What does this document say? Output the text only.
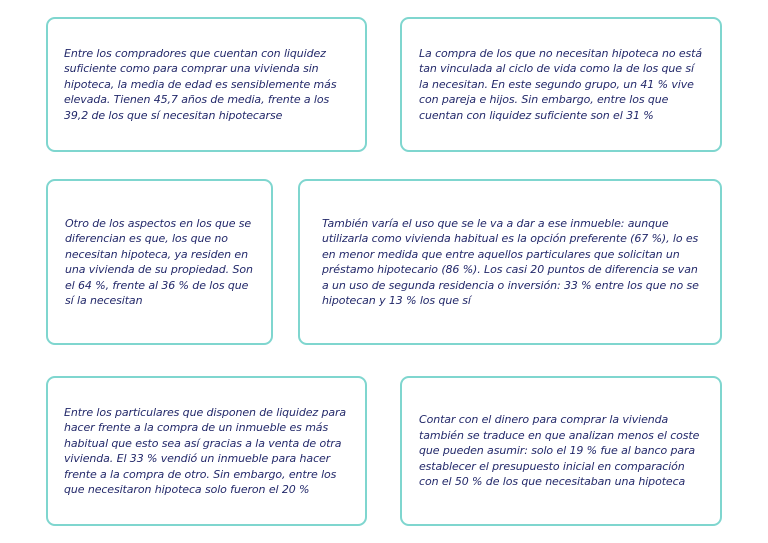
Entre los compradores que cuentan con liquidez suficiente como para comprar una vivienda sin hipoteca, la media de edad es sensiblemente más elevada. Tienen 45,7 años de media, frente a los 39,2 de los que sí necesitan hipotecarse

La compra de los que no necesitan hipoteca no está tan vinculada al ciclo de vida como la de los que sí la necesitan. En este segundo grupo, un 41 % vive con pareja e hijos. Sin embargo, entre los que cuentan con liquidez suficiente son el 31 %

Otro de los aspectos en los que se diferencian es que, los que no necesitan hipoteca, ya residen en una vivienda de su propiedad. Son el 64 %, frente al 36 % de los que sí la necesitan

También varía el uso que se le va a dar a ese inmueble: aunque utilizarla como vivienda habitual es la opción preferente (67 %), lo es en menor medida que entre aquellos particulares que solicitan un préstamo hipotecario (86 %). Los casi 20 puntos de diferencia se van a un uso de segunda residencia o inversión: 33 % entre los que no se hipotecan y 13 % los que sí

Entre los particulares que disponen de liquidez para hacer frente a la compra de un inmueble es más habitual que esto sea así gracias a la venta de otra vivienda. El 33 % vendió un inmueble para hacer frente a la compra de otro. Sin embargo, entre los que necesitaron hipoteca solo fueron el 20 %

Contar con el dinero para comprar la vivienda también se traduce en que analizan menos el coste que pueden asumir: solo el 19 % fue al banco para establecer el presupuesto inicial en comparación con el 50 % de los que necesitaban una hipoteca
